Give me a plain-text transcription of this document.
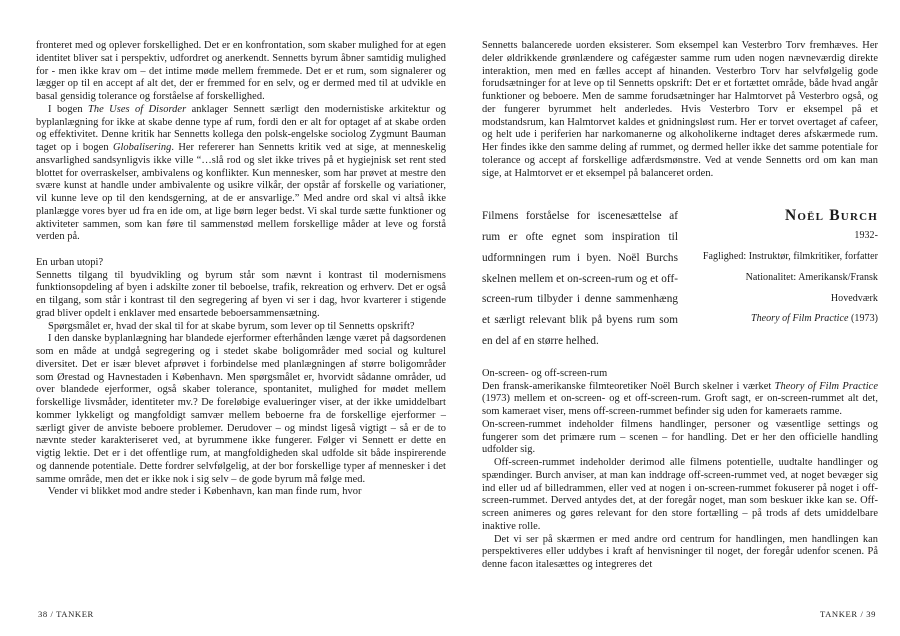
fronteret med og oplever forskellighed. Det er en konfrontation, som skaber mulighed for at egen identitet bliver sat i perspektiv, udfordret og anerkendt. Sennetts byrum åbner samtidig mulighed for - men ikke krav om – det intime møde mellem fremmede. Det er et rum, som signalerer og lægger op til en accept af alt det, der er fremmed for en selv, og er dermed med til at udvikle en basal gensidig tolerance og forståelse af forskellighed.

I bogen The Uses of Disorder anklager Sennett særligt den modernistiske arkitektur og byplanlægning for ikke at skabe denne type af rum, fordi den er alt for optaget af at skabe orden og effektivitet. Denne kritik har Sennetts kollega den polsk-engelske sociolog Zygmunt Bauman taget op i bogen Globalisering. Her refererer han Sennetts kritik ved at sige, at menneskelig ansvarlighed sandsynligvis ikke ville “…slå rod og slet ikke trives på et hygiejnisk set rent sted blottet for overraskelser, ambivalens og konflikter. Kun mennesker, som har prøvet at mestre den svære kunst at handle under ambivalente og usikre vilkår, der opstår af forskelle og variationer, vil kunne leve op til den kendsgerning, at de er ansvarlige.” Med andre ord skal vi altså ikke planlægge vores byer ud fra en ide om, at lige børn leger bedst. Vi skal turde sætte funktioner og aktiviteter sammen, som kan føre til sammenstød mellem forskellige måder at leve og forstå verden på.

En urban utopi?

Sennetts tilgang til byudvikling og byrum står som nævnt i kontrast til modernismens funktionsopdeling af byen i adskilte zoner til beboelse, trafik, rekreation og erhverv. Det er også en tilgang, som står i kontrast til den segregering af byen vi ser i dag, hvor kvarterer i stigende grad bliver opdelt i enklaver med ensartede beboersammensætning.

Spørgsmålet er, hvad der skal til for at skabe byrum, som lever op til Sennetts opskrift?

I den danske byplanlægning har blandede ejerformer efterhånden længe været på dagsordenen som en måde at undgå segregering og i stedet skabe boligområder med social og kulturel diversitet. Det er især blevet afprøvet i forbindelse med planlægningen af større boligområder som Ørestad og Havnestaden i København. Men spørgsmålet er, hvorvidt sådanne områder, ud over blandede ejerformer, også skaber tolerance, spontanitet, mulighed for mødet mellem forskellige livsmåder, identiteter mv.? De foreløbige evalueringer viser, at der ikke umiddelbart kommer lykkeligt og mangfoldigt samvær mellem beboerne fra de forskellige ejerformer – særligt giver de anviste beboere problemer. Derudover – og mindst ligeså vigtigt – så er de to nævnte steder karakteriseret ved, at byrummene ikke fungerer. Følger vi Sennett er dette en vigtig lektie. Det er i det offentlige rum, at mangfoldigheden skal udfolde sit både inspirerende og dannende potentiale. Dette fordrer selvfølgelig, at der bor forskellige typer af mennesker i det samme område, men det er ikke nok i sig selv – de gode byrum må følge med.

Vender vi blikket mod andre steder i København, kan man finde rum, hvor

38 / TANKER

Sennetts balancerede uorden eksisterer. Som eksempel kan Vesterbro Torv fremhæves. Her deler øldrikkende grønlændere og cafégæster samme rum uden nogen nævneværdig direkte interaktion, men med en fælles accept af hinanden. Vesterbro Torv har selvfølgelig gode forudsætninger for at leve op til Sennetts opskrift: Det er et fortættet område, både hvad angår funktioner og beboere. Men de samme forudsætninger har Halmtorvet på Vesterbro også, og der fungerer byrummet helt anderledes. Hvis Vesterbro Torv er eksempel på et modstandsrum, kan Halmtorvet kaldes et gnidningsløst rum. Her er torvet overtaget af cafeer, og helt ude i periferien har narkomanerne og alkoholikerne indtaget deres afskærmede rum. Her findes ikke den samme deling af rummet, og dermed heller ikke det samme potentiale for tolerance og accept af forskellige adfærdsmønstre. Ved at vende Sennetts ord om kan man sige, at Halmtorvet er et eksempel på balanceret orden.

Filmens forståelse for iscenesættelse af rum er ofte egnet som inspiration til udformningen rum i byen. Noël Burchs skelnen mellem et on-screen-rum og et off-screen-rum tilbyder i denne sammenhæng et særligt relevant blik på byens rum som en del af en større helhed.
Noël Burch
1932-
Faglighed: Instruktør, filmkritiker, forfatter
Nationalitet: Amerikansk/Fransk
Hovedværk
Theory of Film Practice (1973)
On-screen- og off-screen-rum

Den fransk-amerikanske filmteoretiker Noël Burch skelner i værket Theory of Film Practice (1973) mellem et on-screen- og et off-screen-rum. Groft sagt, er on-screen-rummet alt det, som kameraet viser, mens off-screen-rummet befinder sig uden for kameraets ramme.

On-screen-rummet indeholder filmens handlinger, personer og væsentlige settings og fungerer som det primære rum – scenen – for handling. Det er her den officielle handling udfolder sig.

Off-screen-rummet indeholder derimod alle filmens potentielle, uudtalte handlinger og spændinger. Burch anviser, at man kan inddrage off-screen-rummet ved, at noget bevæger sig ind eller ud af billedrammen, eller ved at nogen i on-screen-rummet fokuserer på noget i off-screen-rummet. Derved antydes det, at der foregår noget, man som beskuer ikke kan se. Off-screen animeres og gøres relevant for den store fortælling – på trods af dets umiddelbare inaktive rolle.

Det vi ser på skærmen er med andre ord centrum for handlingen, men handlingen kan perspektiveres eller uddybes i kraft af henvisninger til noget, der foregår udenfor scenen. På denne facon italesættes og integreres det

TANKER / 39
